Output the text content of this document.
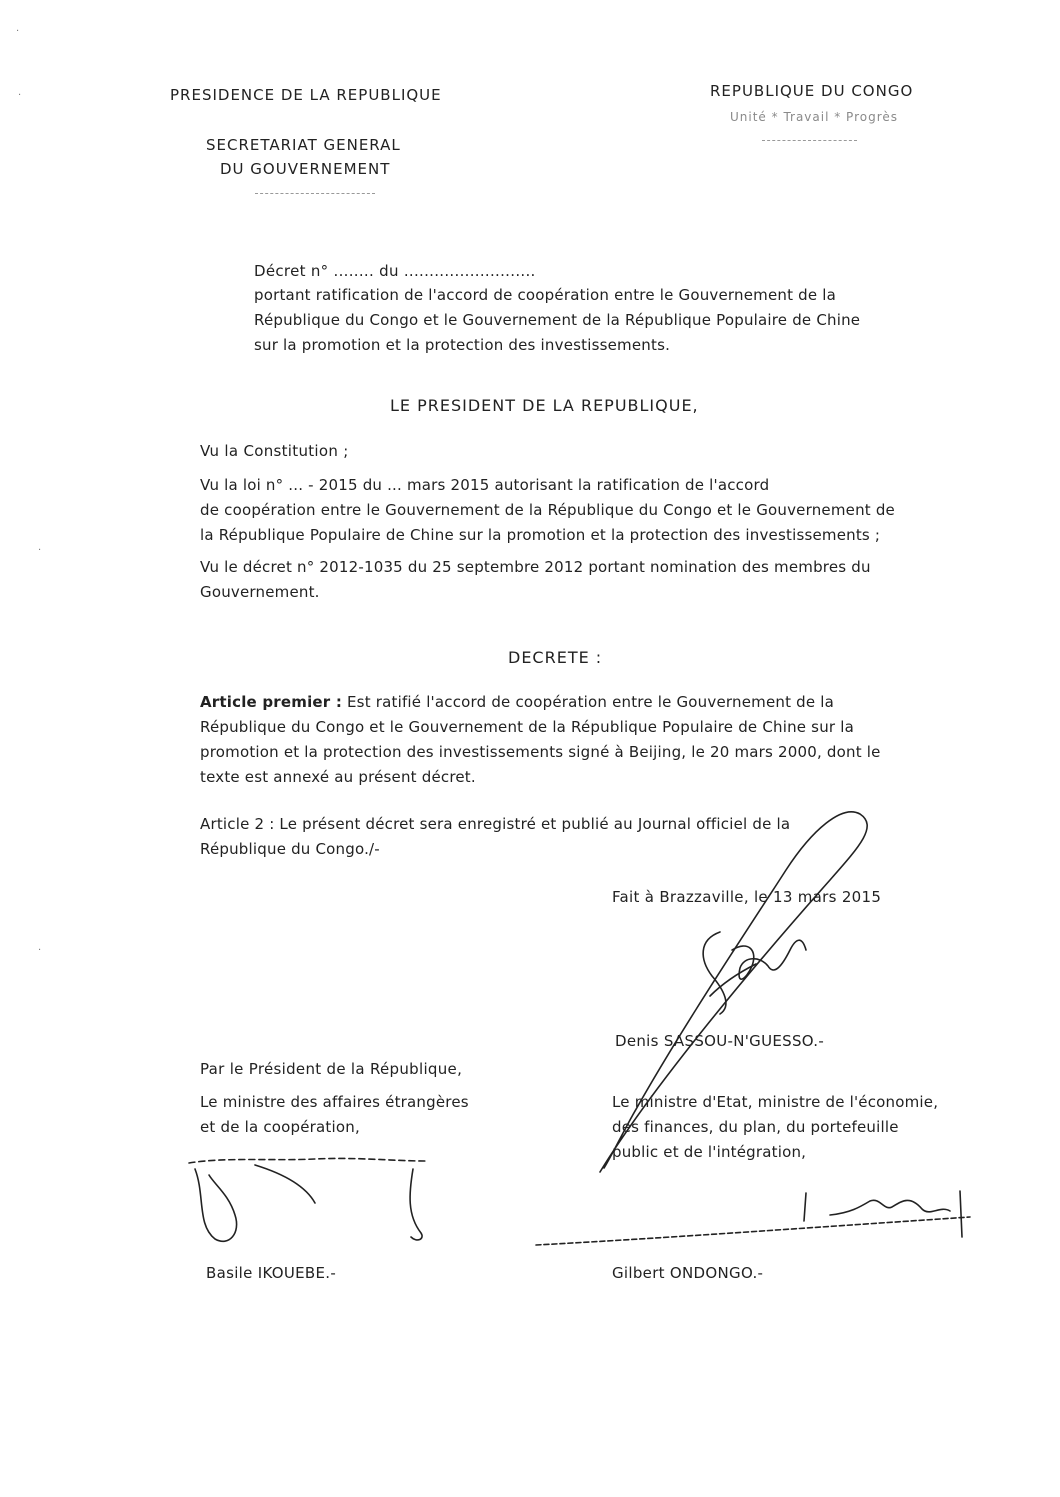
·
·
·
·
PRESIDENCE DE LA REPUBLIQUE
SECRETARIAT GENERAL
DU GOUVERNEMENT
REPUBLIQUE DU CONGO
Unité * Travail * Progrès
Décret n° ........ du ..........................
portant ratification de l'accord de coopération entre le Gouvernement de la
République du Congo et le Gouvernement de la République Populaire de Chine
sur la promotion et la protection des investissements.
LE PRESIDENT DE LA REPUBLIQUE,
Vu la Constitution ;
Vu la loi n° ... - 2015 du ... mars 2015 autorisant la ratification de l'accord
de coopération entre le Gouvernement de la République du Congo et le Gouvernement de
la République Populaire de Chine sur la promotion et la protection des investissements ;
Vu le décret n° 2012-1035 du 25 septembre 2012 portant nomination des membres du
Gouvernement.
DECRETE :
Article premier : Est ratifié l'accord de coopération entre le Gouvernement de la
République du Congo et le Gouvernement de la République Populaire de Chine sur la
promotion et la protection des investissements signé à Beijing, le 20 mars 2000, dont le
texte est annexé au présent décret.
Article 2 : Le présent décret sera enregistré et publié au Journal officiel de la
République du Congo./-
Fait à Brazzaville, le 13 mars 2015
Denis SASSOU-N'GUESSO.-
Par le Président de la République,
Le ministre des affaires étrangères
et de la coopération,
Basile IKOUEBE.-
Le ministre d'Etat, ministre de l'économie,
des finances, du plan, du portefeuille
public et de l'intégration,
Gilbert ONDONGO.-
